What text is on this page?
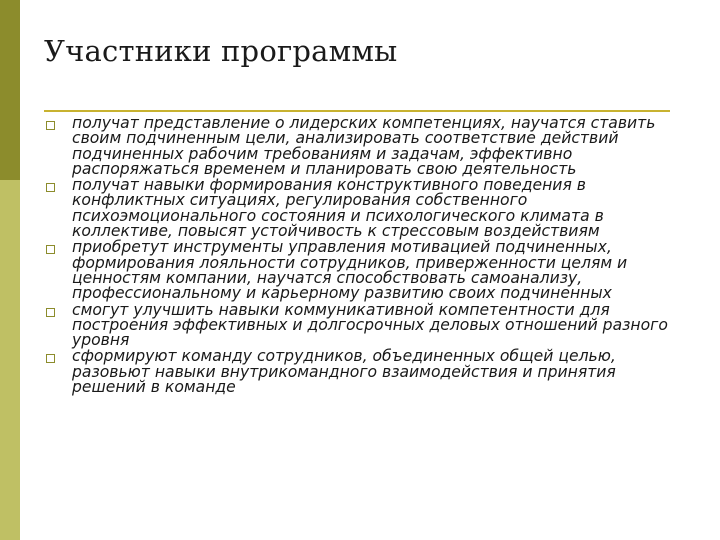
Участники программы
получат представление о лидерских компетенциях, научатся ставить своим подчиненным цели, анализировать соответствие действий подчиненных рабочим требованиям и задачам, эффективно распоряжаться временем и планировать свою деятельность
получат навыки формирования конструктивного поведения в конфликтных ситуациях, регулирования собственного психоэмоционального состояния и психологического климата в коллективе, повысят устойчивость к стрессовым воздействиям
приобретут инструменты управления мотивацией подчиненных, формирования лояльности сотрудников, приверженности целям и ценностям компании, научатся способствовать самоанализу, профессиональному и карьерному развитию своих подчиненных
смогут улучшить навыки коммуникативной компетентности для построения эффективных и долгосрочных деловых отношений разного уровня
сформируют команду сотрудников, объединенных общей целью, разовьют навыки внутрикомандного взаимодействия и принятия решений в команде
